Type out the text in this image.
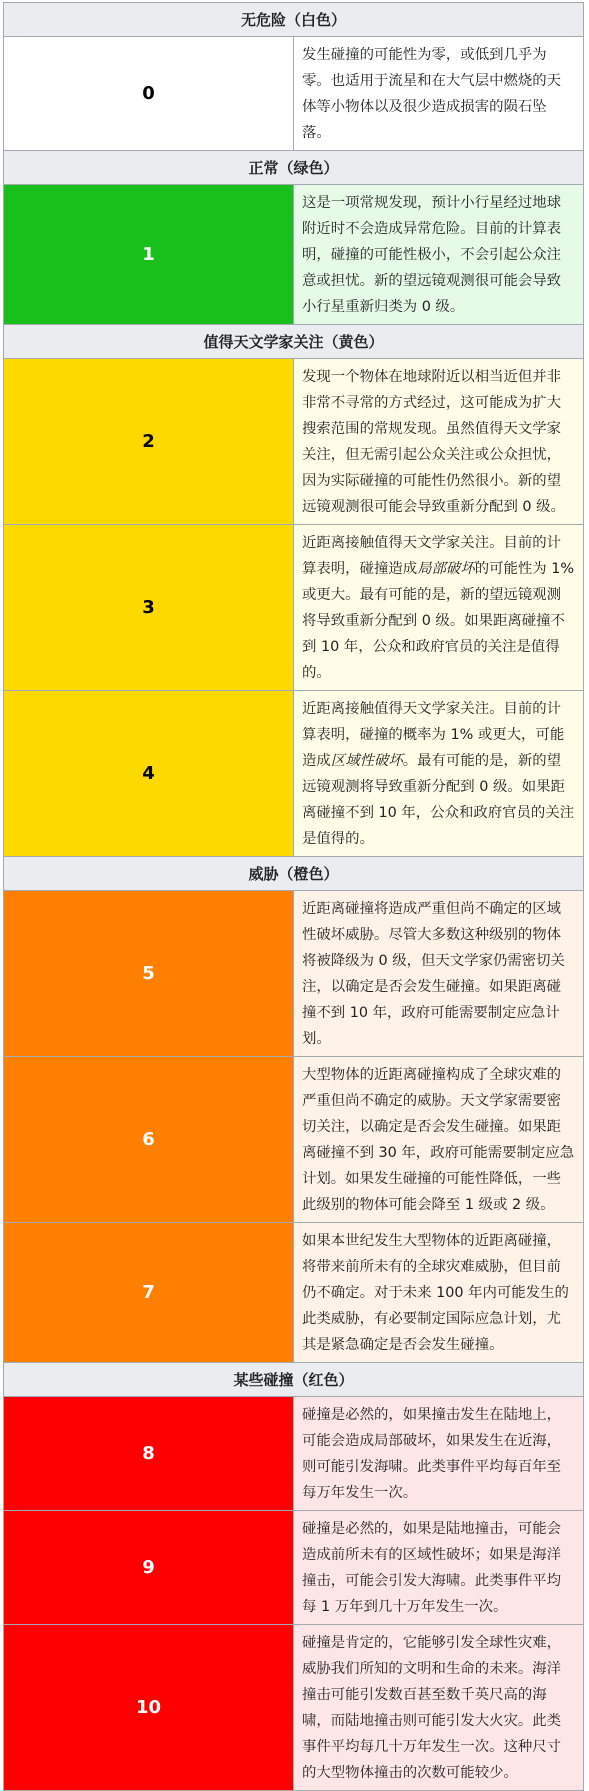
无危险（白色）	
0	发生碰撞的可能性为零，或低到几乎为零。也适用于流星和在大气层中燃烧的天体等小物体以及很少造成损害的陨石坠落。
正常（绿色）	
1	这是一项常规发现，预计小行星经过地球附近时不会造成异常危险。目前的计算表明，碰撞的可能性极小，不会引起公众注意或担忧。新的望远镜观测很可能会导致小行星重新归类为 0 级。
值得天文学家关注（黄色）	
2	发现一个物体在地球附近以相当近但并非非常不寻常的方式经过，这可能成为扩大搜索范围的常规发现。虽然值得天文学家关注，但无需引起公众关注或公众担忧，因为实际碰撞的可能性仍然很小。新的望远镜观测很可能会导致重新分配到 0 级。
3	近距离接触值得天文学家关注。目前的计算表明，碰撞造成局部破坏的可能性为 1% 或更大。最有可能的是，新的望远镜观测将导致重新分配到 0 级。如果距离碰撞不到 10 年，公众和政府官员的关注是值得的。
4	近距离接触值得天文学家关注。目前的计算表明，碰撞的概率为 1% 或更大，可能造成区域性破坏。最有可能的是，新的望远镜观测将导致重新分配到 0 级。如果距离碰撞不到 10 年，公众和政府官员的关注是值得的。
威胁（橙色）	
5	近距离碰撞将造成严重但尚不确定的区域性破坏威胁。尽管大多数这种级别的物体将被降级为 0 级，但天文学家仍需密切关注，以确定是否会发生碰撞。如果距离碰撞不到 10 年，政府可能需要制定应急计划。
6	大型物体的近距离碰撞构成了全球灾难的严重但尚不确定的威胁。天文学家需要密切关注，以确定是否会发生碰撞。如果距离碰撞不到 30 年，政府可能需要制定应急计划。如果发生碰撞的可能性降低，一些此级别的物体可能会降至 1 级或 2 级。
7	如果本世纪发生大型物体的近距离碰撞，将带来前所未有的全球灾难威胁，但目前仍不确定。对于未来 100 年内可能发生的此类威胁，有必要制定国际应急计划，尤其是紧急确定是否会发生碰撞。
某些碰撞（红色）	
8	碰撞是必然的，如果撞击发生在陆地上，可能会造成局部破坏，如果发生在近海，则可能引发海啸。此类事件平均每百年至每万年发生一次。
9	碰撞是必然的，如果是陆地撞击，可能会造成前所未有的区域性破坏；如果是海洋撞击，可能会引发大海啸。此类事件平均每 1 万年到几十万年发生一次。
10	碰撞是肯定的，它能够引发全球性灾难，威胁我们所知的文明和生命的未来。海洋撞击可能引发数百甚至数千英尺高的海啸，而陆地撞击则可能引发大火灾。此类事件平均每几十万年发生一次。这种尺寸的大型物体撞击的次数可能较少。
